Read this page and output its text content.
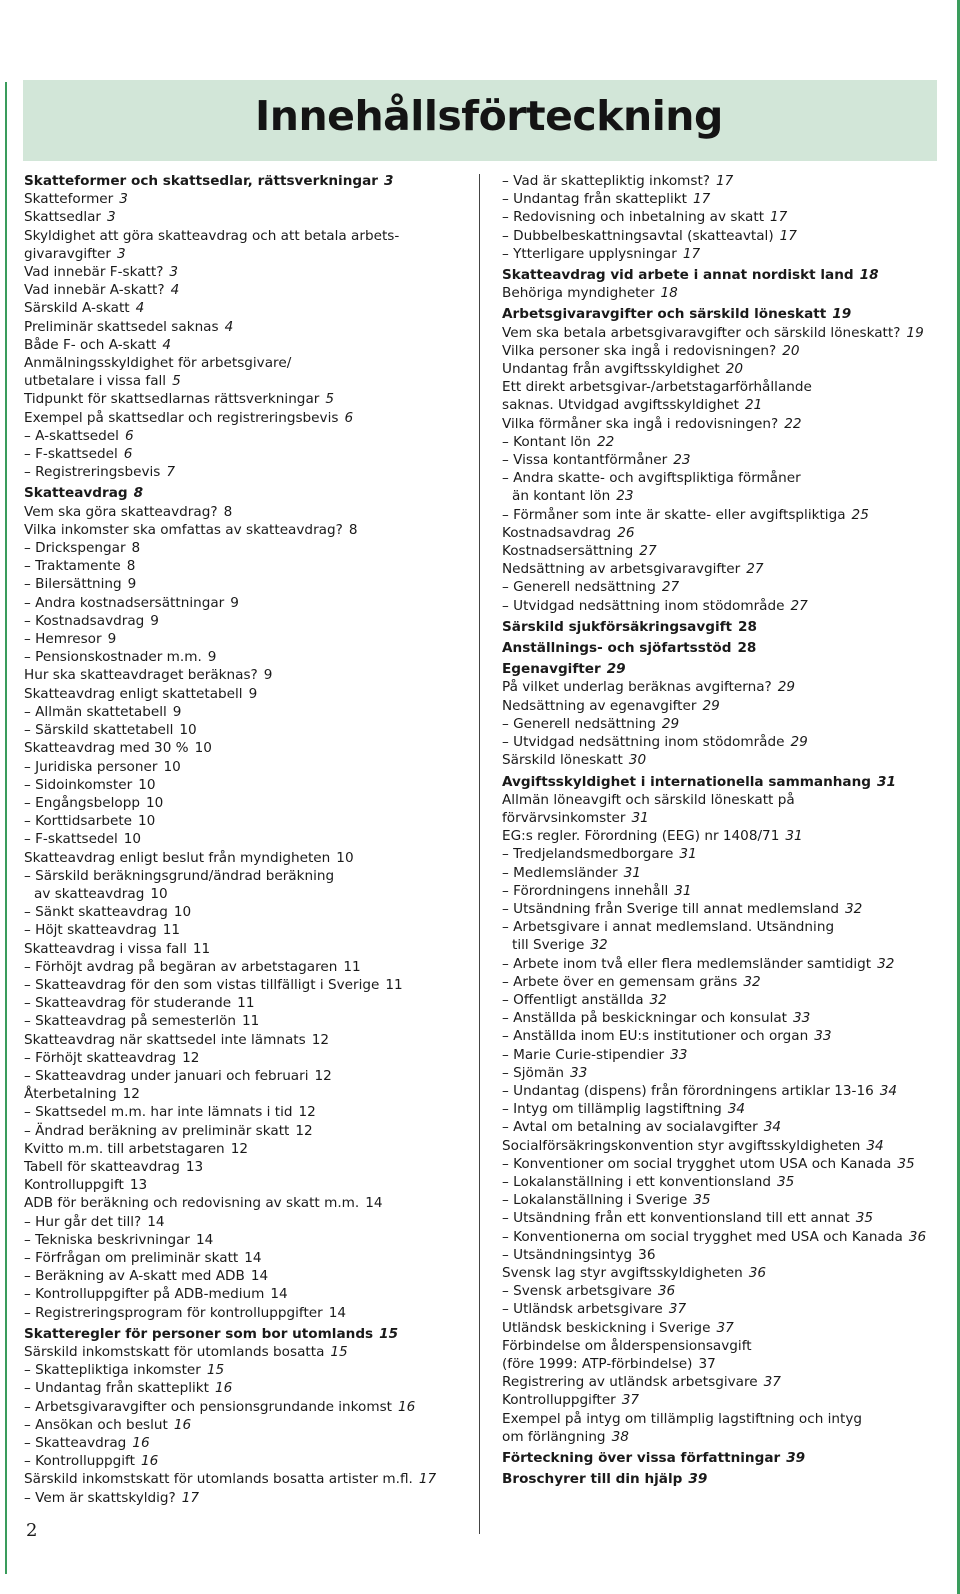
Innehållsförteckning
Skatteformer och skattsedlar, rättsverkningar 3
Skatteformer 3
Skattsedlar 3
Skyldighet att göra skatteavdrag och att betala arbets-
givaravgifter 3
Vad innebär F-skatt? 3
Vad innebär A-skatt? 4
Särskild A-skatt 4
Preliminär skattsedel saknas 4
Både F- och A-skatt 4
Anmälningsskyldighet för arbetsgivare/
utbetalare i vissa fall 5
Tidpunkt för skattsedlarnas rättsverkningar 5
Exempel på skattsedlar och registreringsbevis 6
– A-skattsedel 6
– F-skattsedel 6
– Registreringsbevis 7
Skatteavdrag 8
Vem ska göra skatteavdrag? 8
Vilka inkomster ska omfattas av skatteavdrag? 8
– Drickspengar 8
– Traktamente 8
– Bilersättning 9
– Andra kostnadsersättningar 9
– Kostnadsavdrag 9
– Hemresor 9
– Pensionskostnader m.m. 9
Hur ska skatteavdraget beräknas? 9
Skatteavdrag enligt skattetabell 9
– Allmän skattetabell 9
– Särskild skattetabell 10
Skatteavdrag med 30 % 10
– Juridiska personer 10
– Sidoinkomster 10
– Engångsbelopp 10
– Korttidsarbete 10
– F-skattsedel 10
Skatteavdrag enligt beslut från myndigheten 10
– Särskild beräkningsgrund/ändrad beräkning
av skatteavdrag 10
– Sänkt skatteavdrag 10
– Höjt skatteavdrag 11
Skatteavdrag i vissa fall 11
– Förhöjt avdrag på begäran av arbetstagaren 11
– Skatteavdrag för den som vistas tillfälligt i Sverige 11
– Skatteavdrag för studerande 11
– Skatteavdrag på semesterlön 11
Skatteavdrag när skattsedel inte lämnats 12
– Förhöjt skatteavdrag 12
– Skatteavdrag under januari och februari 12
Återbetalning 12
– Skattsedel m.m. har inte lämnats i tid 12
– Ändrad beräkning av preliminär skatt 12
Kvitto m.m. till arbetstagaren 12
Tabell för skatteavdrag 13
Kontrolluppgift 13
ADB för beräkning och redovisning av skatt m.m. 14
– Hur går det till? 14
– Tekniska beskrivningar 14
– Förfrågan om preliminär skatt 14
– Beräkning av A-skatt med ADB 14
– Kontrolluppgifter på ADB-medium 14
– Registreringsprogram för kontrolluppgifter 14
Skatteregler för personer som bor utomlands 15
Särskild inkomstskatt för utomlands bosatta 15
– Skattepliktiga inkomster 15
– Undantag från skatteplikt 16
– Arbetsgivaravgifter och pensionsgrundande inkomst 16
– Ansökan och beslut 16
– Skatteavdrag 16
– Kontrolluppgift 16
Särskild inkomstskatt för utomlands bosatta artister m.fl. 17
– Vem är skattskyldig? 17
– Vad är skattepliktig inkomst? 17
– Undantag från skatteplikt 17
– Redovisning och inbetalning av skatt 17
– Dubbelbeskattningsavtal (skatteavtal) 17
– Ytterligare upplysningar 17
Skatteavdrag vid arbete i annat nordiskt land 18
Behöriga myndigheter 18
Arbetsgivaravgifter och särskild löneskatt 19
Vem ska betala arbetsgivaravgifter och särskild löneskatt? 19
Vilka personer ska ingå i redovisningen? 20
Undantag från avgiftsskyldighet 20
Ett direkt arbetsgivar-/arbetstagarförhållande
saknas. Utvidgad avgiftsskyldighet 21
Vilka förmåner ska ingå i redovisningen? 22
– Kontant lön 22
– Vissa kontantförmåner 23
– Andra skatte- och avgiftspliktiga förmåner
än kontant lön 23
– Förmåner som inte är skatte- eller avgiftspliktiga 25
Kostnadsavdrag 26
Kostnadsersättning 27
Nedsättning av arbetsgivaravgifter 27
– Generell nedsättning 27
– Utvidgad nedsättning inom stödområde 27
Särskild sjukförsäkringsavgift 28
Anställnings- och sjöfartsstöd 28
Egenavgifter 29
På vilket underlag beräknas avgifterna? 29
Nedsättning av egenavgifter 29
– Generell nedsättning 29
– Utvidgad nedsättning inom stödområde 29
Särskild löneskatt 30
Avgiftsskyldighet i internationella sammanhang 31
Allmän löneavgift och särskild löneskatt på
förvärvsinkomster 31
EG:s regler. Förordning (EEG) nr 1408/71 31
– Tredjelandsmedborgare 31
– Medlemsländer 31
– Förordningens innehåll 31
– Utsändning från Sverige till annat medlemsland 32
– Arbetsgivare i annat medlemsland. Utsändning
till Sverige 32
– Arbete inom två eller flera medlemsländer samtidigt 32
– Arbete över en gemensam gräns 32
– Offentligt anställda 32
– Anställda på beskickningar och konsulat 33
– Anställda inom EU:s institutioner och organ 33
– Marie Curie-stipendier 33
– Sjömän 33
– Undantag (dispens) från förordningens artiklar 13-16 34
– Intyg om tillämplig lagstiftning 34
– Avtal om betalning av socialavgifter 34
Socialförsäkringskonvention styr avgiftsskyldigheten 34
– Konventioner om social trygghet utom USA och Kanada 35
– Lokalanställning i ett konventionsland 35
– Lokalanställning i Sverige 35
– Utsändning från ett konventionsland till ett annat 35
– Konventionerna om social trygghet med USA och Kanada 36
– Utsändningsintyg 36
Svensk lag styr avgiftsskyldigheten 36
– Svensk arbetsgivare 36
– Utländsk arbetsgivare 37
Utländsk beskickning i Sverige 37
Förbindelse om ålderspensionsavgift
(före 1999: ATP-förbindelse) 37
Registrering av utländsk arbetsgivare 37
Kontrolluppgifter 37
Exempel på intyg om tillämplig lagstiftning och intyg
om förlängning 38
Förteckning över vissa författningar 39
Broschyrer till din hjälp 39
2
